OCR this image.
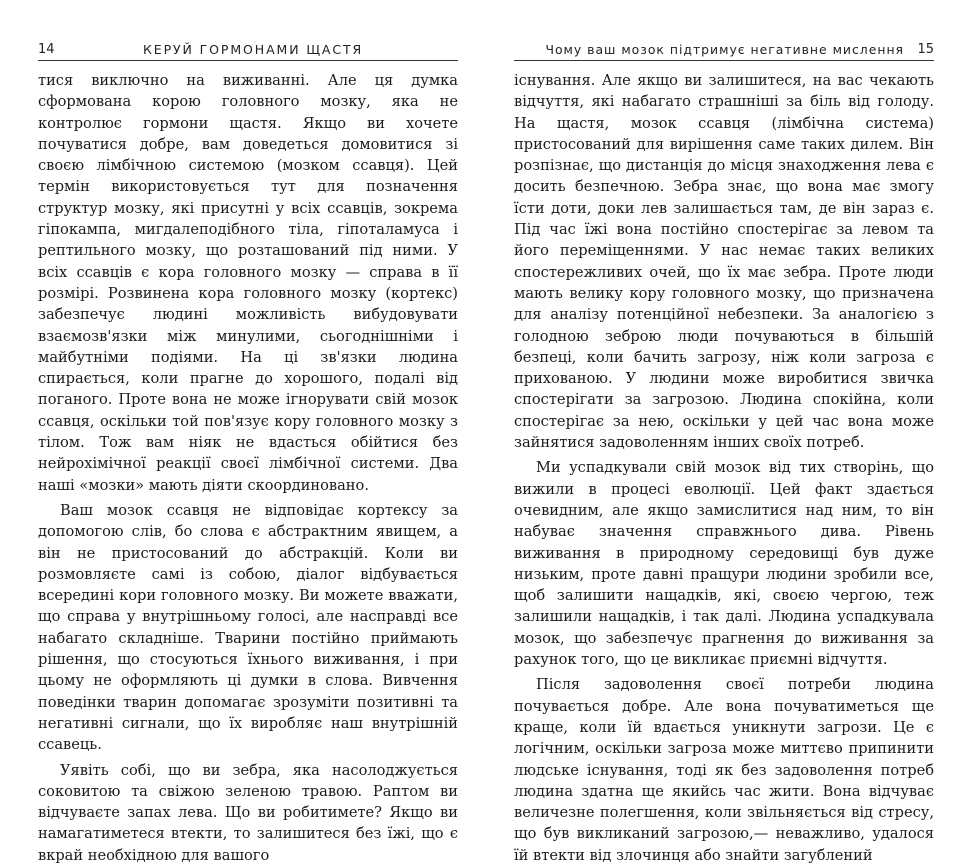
14	КЕРУЙ ГОРМОНАМИ ЩАСТЯ

тися виключно на виживанні. Але ця думка сформована корою головного мозку, яка не контролює гормони щастя. Якщо ви хочете почуватися добре, вам доведеться домовитися зі своєю лімбічною системою (мозком ссавця). Цей термін використовується тут для позначення структур мозку, які присутні у всіх ссавців, зокрема гіпокампа, мигдалеподібного тіла, гіпоталамуса і рептильного мозку, що розташований під ними. У всіх ссавців є кора головного мозку — справа в її розмірі. Розвинена кора головного мозку (кортекс) забезпечує людині можливість вибудовувати взаємозв'язки між минулими, сьогоднішніми і майбутніми подіями. На ці зв'язки людина спирається, коли прагне до хорошого, подалі від поганого. Проте вона не може ігнорувати свій мозок ссавця, оскільки той пов'язує кору головного мозку з тілом. Тож вам ніяк не вдасться обійтися без нейрохімічної реакції своєї лімбічної системи. Два наші «мозки» мають діяти скоординовано.

Ваш мозок ссавця не відповідає кортексу за допомогою слів, бо слова є абстрактним явищем, а він не пристосований до абстракцій. Коли ви розмовляєте самі із собою, діалог відбувається всередині кори головного мозку. Ви можете вважати, що справа у внутрішньому голосі, але насправді все набагато складніше. Тварини постійно приймають рішення, що стосуються їхнього виживання, і при цьому не оформляють ці думки в слова. Вивчення поведінки тварин допомагає зрозуміти позитивні та негативні сигнали, що їх виробляє наш внутрішній ссавець.

Уявіть собі, що ви зебра, яка насолоджується соковитою та свіжою зеленою травою. Раптом ви відчуваєте запах лева. Що ви робитимете? Якщо ви намагатиметеся втекти, то залишитеся без їжі, що є вкрай необхідною для вашого

Чому ваш мозок підтримує негативне мислення 15

існування. Але якщо ви залишитеся, на вас чекають відчуття, які набагато страшніші за біль від голоду. На щастя, мозок ссавця (лімбічна система) пристосований для вирішення саме таких дилем. Він розпізнає, що дистанція до місця знаходження лева є досить безпечною. Зебра знає, що вона має змогу їсти доти, доки лев залишається там, де він зараз є. Під час їжі вона постійно спостерігає за левом та його переміщеннями. У нас немає таких великих спостережливих очей, що їх має зебра. Проте люди мають велику кору головного мозку, що призначена для аналізу потенційної небезпеки. За аналогією з голодною зеброю люди почуваються в більшій безпеці, коли бачить загрозу, ніж коли загроза є прихованою. У людини може виробитися звичка спостерігати за загрозою. Людина спокійна, коли спостерігає за нею, оскільки у цей час вона може зайнятися задоволенням інших своїх потреб.

Ми успадкували свій мозок від тих створінь, що вижили в процесі еволюції. Цей факт здається очевидним, але якщо замислитися над ним, то він набуває значення справжнього дива. Рівень виживання в природному середовищі був дуже низьким, проте давні пращури людини зробили все, щоб залишити нащадків, які, своєю чергою, теж залишили нащадків, і так далі. Людина успадкувала мозок, що забезпечує прагнення до виживання за рахунок того, що це викликає приємні відчуття.

Після задоволення своєї потреби людина почувається добре. Але вона почуватиметься ще краще, коли їй вдається уникнути загрози. Це є логічним, оскільки загроза може миттєво припинити людське існування, тоді як без задоволення потреб людина здатна ще якийсь час жити. Вона відчуває величезне полегшення, коли звільняється від стресу, що був викликаний загрозою,— неважливо, удалося їй втекти від злочинця або знайти загублений
